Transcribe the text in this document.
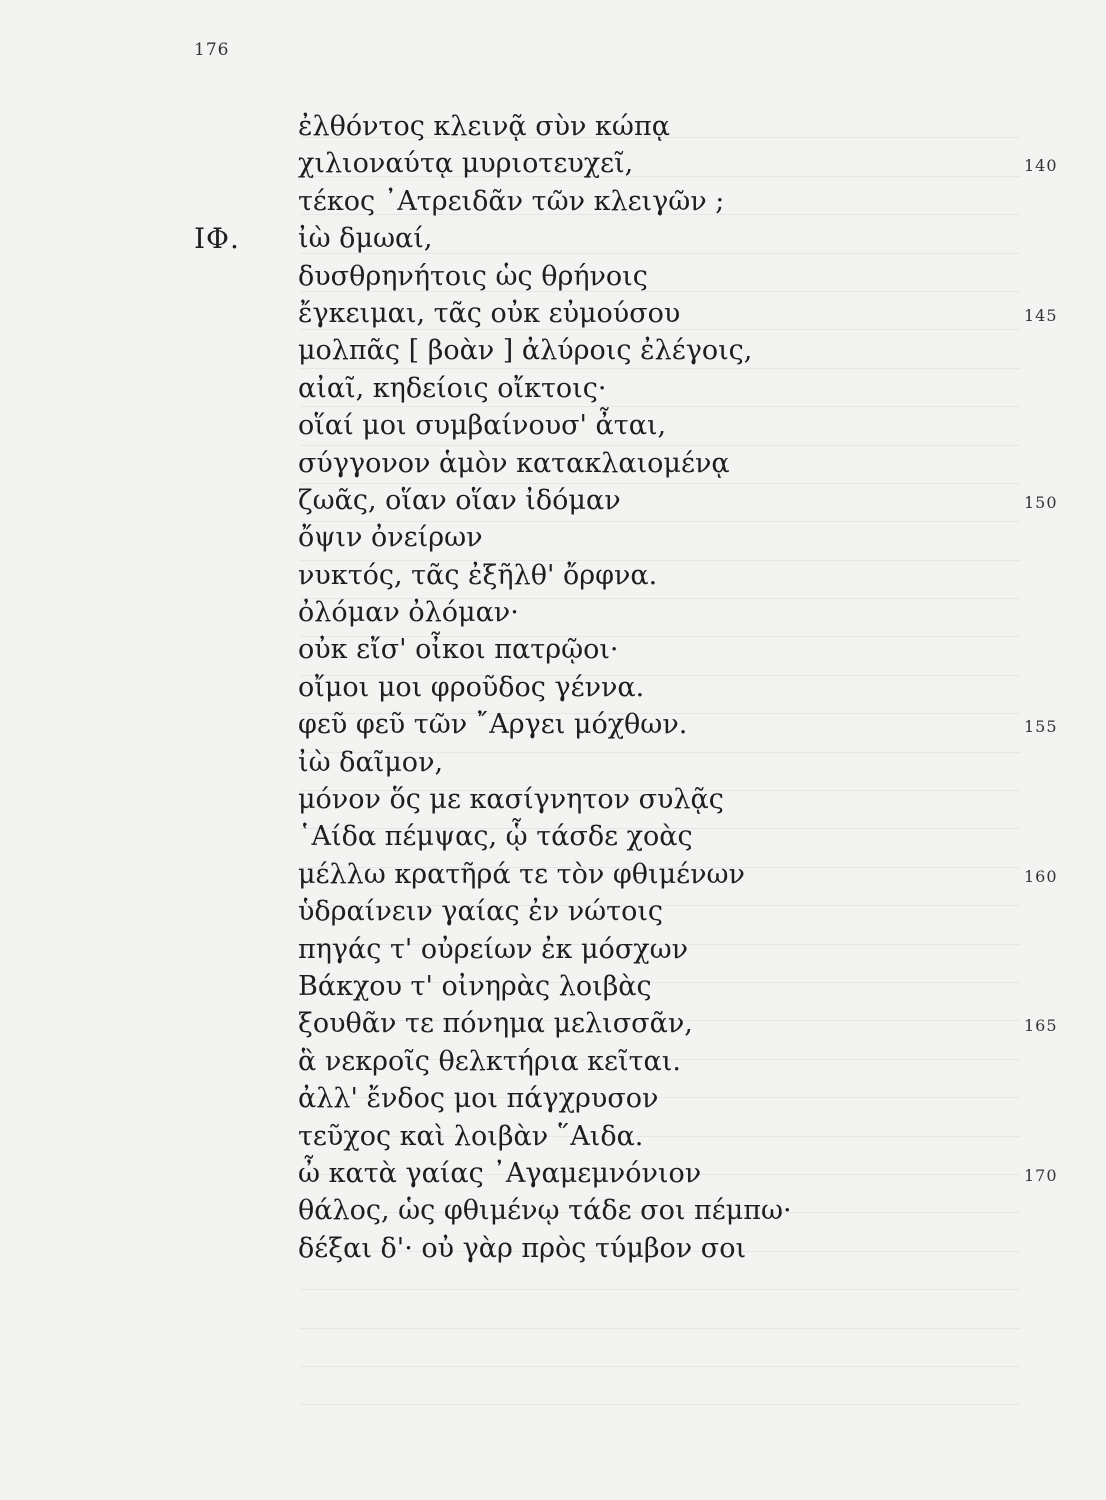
176
ἐλθόντος κλεινᾷ σὺν κώπᾳ
χιλιοναύτᾳ μυριοτευχεῖ,	140
τέκος ᾿Ατρειδᾶν τῶν κλειγῶν ;
ΙΦ. ἰὼ δμωαί,
δυσθρηνήτοις ὡς θρήνοις
ἔγκειμαι, τᾶς οὐκ εὐμούσου	145
μολπᾶς [ βοὰν ] ἀλύροις ἐλέγοις,
αἰαῖ, κηδείοις οἴκτοις·
οἵαί μοι συμβαίνουσ' ἆται,
σύγγονον ἁμὸν κατακλαιομένᾳ
ζωᾶς, οἵαν οἵαν ἰδόμαν	150
ὄψιν ὀνείρων
νυκτός, τᾶς ἐξῆλθ' ὄρφνα.
ὀλόμαν ὀλόμαν·
οὐκ εἴσ' οἶκοι πατρῷοι·
οἴμοι μοι φροῦδος γέννα.
φεῦ φεῦ τῶν ῎Αργει μόχθων.	155
ἰὼ δαῖμον,
μόνον ὅς με κασίγνητον συλᾷς
῾Αίδα πέμψας, ᾧ τάσδε χοὰς
μέλλω κρατῆρά τε τὸν φθιμένων	160
ὑδραίνειν γαίας ἐν νώτοις
πηγάς τ' οὐρείων ἐκ μόσχων
Βάκχου τ' οἰνηρὰς λοιβὰς
ξουθᾶν τε πόνημα μελισσᾶν,	165
ἃ νεκροῖς θελκτήρια κεῖται.
ἀλλ' ἔνδος μοι πάγχρυσον
τεῦχος καὶ λοιβὰν ῞Αιδα.
ὦ κατὰ γαίας ᾿Αγαμεμνόνιον	170
θάλος, ὡς φθιμένῳ τάδε σοι πέμπω·
δέξαι δ'· οὐ γὰρ πρὸς τύμβον σοι
